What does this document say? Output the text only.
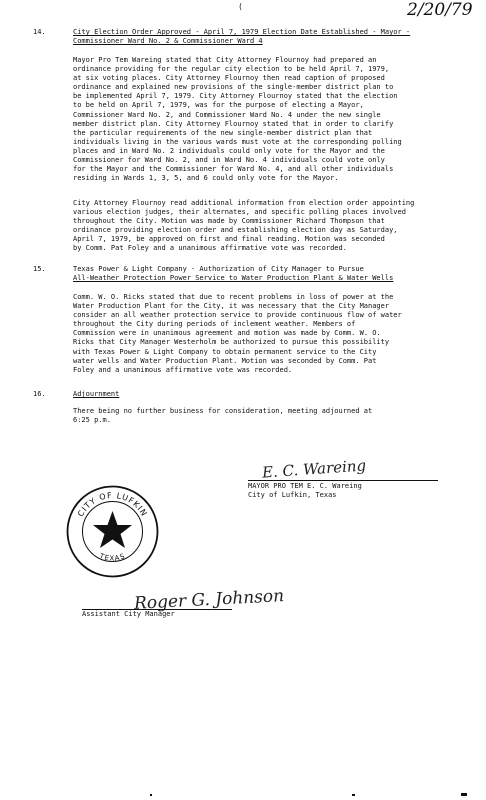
(	2/20/79
14.	City Election Order Approved - April 7, 1979 Election Date Established - Mayor -
Commissioner Ward No. 2 & Commissioner Ward 4
Mayor Pro Tem Wareing stated that City Attorney Flournoy had prepared an
ordinance providing for the regular city election to be held April 7, 1979,
at six voting places. City Attorney Flournoy then read caption of proposed
ordinance and explained new provisions of the single-member district plan to
be implemented April 7, 1979. City Attorney Flournoy stated that the election
to be held on April 7, 1979, was for the purpose of electing a Mayor,
Commissioner Ward No. 2, and Commissioner Ward No. 4 under the new single
member district plan. City Attorney Flournoy stated that in order to clarify
the particular requirements of the new single-member district plan that
individuals living in the various wards must vote at the corresponding polling
places and in Ward No. 2 individuals could only vote for the Mayor and the
Commissioner for Ward No. 2, and in Ward No. 4 individuals could vote only
for the Mayor and the Commissioner for Ward No. 4, and all other individuals
residing in Wards 1, 3, 5, and 6 could only vote for the Mayor.
City Attorney Flournoy read additional information from election order appointing
various election judges, their alternates, and specific polling places involved
throughout the City. Motion was made by Commissioner Richard Thompson that
ordinance providing election order and establishing election day as Saturday,
April 7, 1979, be approved on first and final reading. Motion was seconded
by Comm. Pat Foley and a unanimous affirmative vote was recorded.
15.	Texas Power & Light Company - Authorization of City Manager to Pursue
All-Weather Protection Power Service to Water Production Plant & Water Wells
Comm. W. O. Ricks stated that due to recent problems in loss of power at the
Water Production Plant for the City, it was necessary that the City Manager
consider an all weather protection service to provide continuous flow of water
throughout the City during periods of inclement weather. Members of
Commission were in unanimous agreement and motion was made by Comm. W. O.
Ricks that City Manager Westerholm be authorized to pursue this possibility
with Texas Power & Light Company to obtain permanent service to the City
water wells and Water Production Plant. Motion was seconded by Comm. Pat
Foley and a unanimous affirmative vote was recorded.
16.	Adjournment
There being no further business for consideration, meeting adjourned at
6:25 p.m.
E. C. Wareing
MAYOR PRO TEM E. C. Wareing
City of Lufkin, Texas
CITY OF LUFKIN
TEXAS
Roger G. Johnson
Assistant City Manager
